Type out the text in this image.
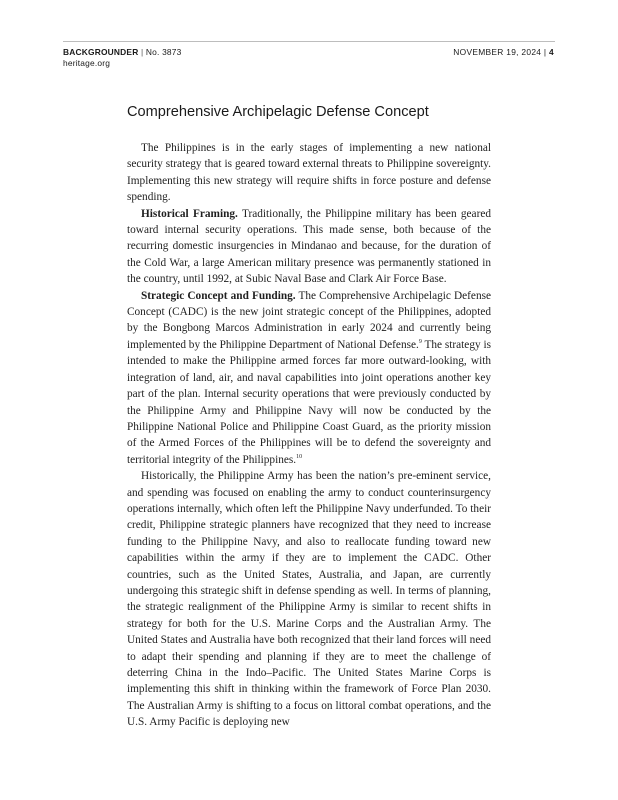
BACKGROUNDER | No. 3873
heritage.org
NOVEMBER 19, 2024 | 4
Comprehensive Archipelagic Defense Concept

The Philippines is in the early stages of implementing a new national security strategy that is geared toward external threats to Philippine sovereignty. Implementing this new strategy will require shifts in force posture and defense spending.

Historical Framing. Traditionally, the Philippine military has been geared toward internal security operations. This made sense, both because of the recurring domestic insurgencies in Mindanao and because, for the duration of the Cold War, a large American military presence was permanently stationed in the country, until 1992, at Subic Naval Base and Clark Air Force Base.

Strategic Concept and Funding. The Comprehensive Archipelagic Defense Concept (CADC) is the new joint strategic concept of the Philippines, adopted by the Bongbong Marcos Administration in early 2024 and currently being implemented by the Philippine Department of National Defense.$^9$ The strategy is intended to make the Philippine armed forces far more outward-looking, with integration of land, air, and naval capabilities into joint operations another key part of the plan. Internal security operations that were previously conducted by the Philippine Army and Philippine Navy will now be conducted by the Philippine National Police and Philippine Coast Guard, as the priority mission of the Armed Forces of the Philippines will be to defend the sovereignty and territorial integrity of the Philippines.$^{10}$

Historically, the Philippine Army has been the nation’s pre-eminent service, and spending was focused on enabling the army to conduct counterinsurgency operations internally, which often left the Philippine Navy underfunded. To their credit, Philippine strategic planners have recognized that they need to increase funding to the Philippine Navy, and also to reallocate funding toward new capabilities within the army if they are to implement the CADC. Other countries, such as the United States, Australia, and Japan, are currently undergoing this strategic shift in defense spending as well. In terms of planning, the strategic realignment of the Philippine Army is similar to recent shifts in strategy for both for the U.S. Marine Corps and the Australian Army. The United States and Australia have both recognized that their land forces will need to adapt their spending and planning if they are to meet the challenge of deterring China in the Indo–Pacific. The United States Marine Corps is implementing this shift in thinking within the framework of Force Plan 2030. The Australian Army is shifting to a focus on littoral combat operations, and the U.S. Army Pacific is deploying new
